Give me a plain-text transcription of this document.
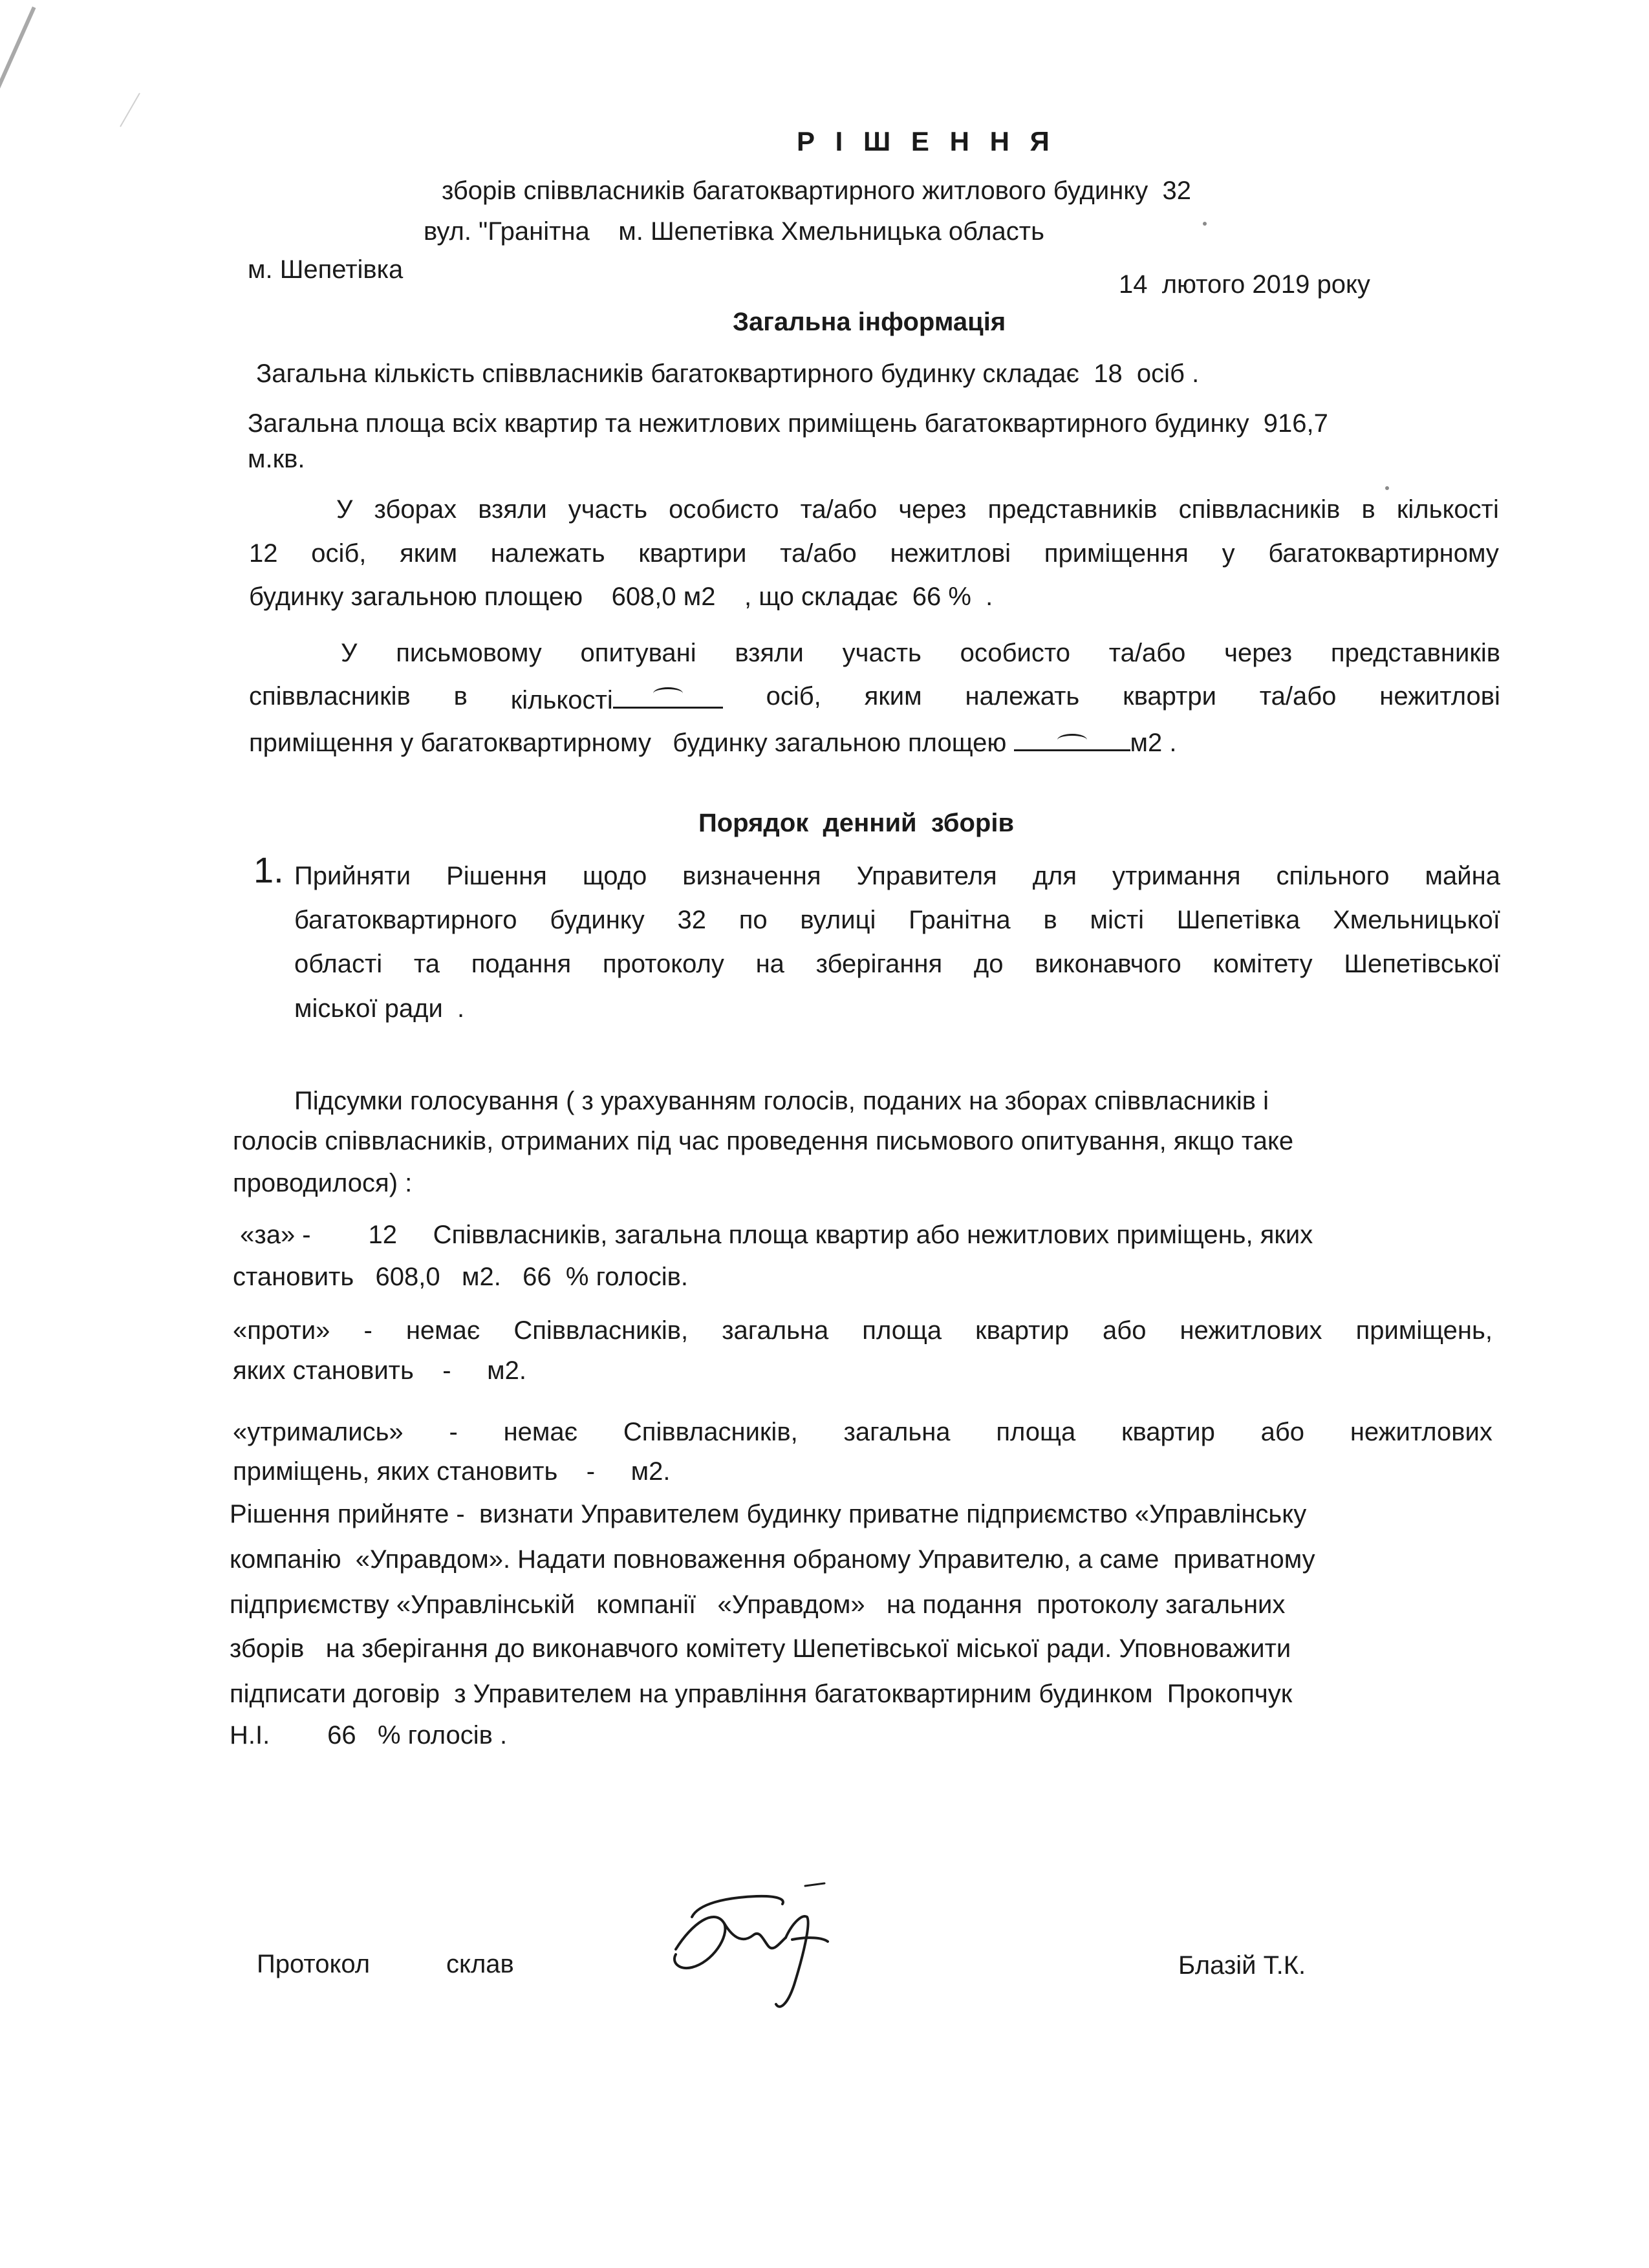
Р І Ш Е Н Н Я
зборів співвласників багатоквартирного житлового будинку  32
вул. "Гранітна    м. Шепетівка Хмельницька область
м. Шепетівка
14  лютого 2019 року
Загальна інформація
Загальна кількість співвласників багатоквартирного будинку складає  18  осіб .
Загальна площа всіх квартир та нежитлових приміщень багатоквартирного будинку  916,7
м.кв.
У зборах взяли участь особисто та/або через представників співвласників в кількості
12 осіб, яким належать квартири та/або нежитлові приміщення у багатоквартирному
будинку загальною площею    608,0 м2    , що складає  66 %  .
У письмовому опитувані взяли участь особисто та/або через представників
співвласників в кількості	осіб, яким належать квартри та/або нежитлові
приміщення у багатоквартирному   будинку загальною площею	м2 .
Порядок  денний  зборів
1. Прийняти Рішення щодо визначення Управителя для утримання спільного майна
багатоквартирного будинку 32 по вулиці Гранітна в місті Шепетівка Хмельницької
області та подання протоколу на зберігання до виконавчого комітету Шепетівської
міської ради  .
Підсумки голосування ( з урахуванням голосів, поданих на зборах співвласників і
голосів співвласників, отриманих під час проведення письмового опитування, якщо таке
проводилося) :
«за» -        12     Співвласників, загальна площа квартир або нежитлових приміщень, яких
становить   608,0   м2.   66  % голосів.
«проти» - немає Співвласників, загальна площа квартир або нежитлових приміщень,
яких становить    -     м2.
«утримались» - немає Співвласників, загальна площа квартир або нежитлових
приміщень, яких становить    -     м2.
Рішення прийняте -  визнати Управителем будинку приватне підприємство «Управлінську
компанію  «Управдом». Надати повноваження обраному Управителю, а саме  приватному
підприємству «Управлінській   компанії   «Управдом»   на подання  протоколу загальних
зборів   на зберігання до виконавчого комітету Шепетівської міської ради. Уповноважити
підписати договір  з Управителем на управління багатоквартирним будинком  Прокопчук
Н.І.        66   % голосів .
Протокол	склав	Блазій Т.К.
